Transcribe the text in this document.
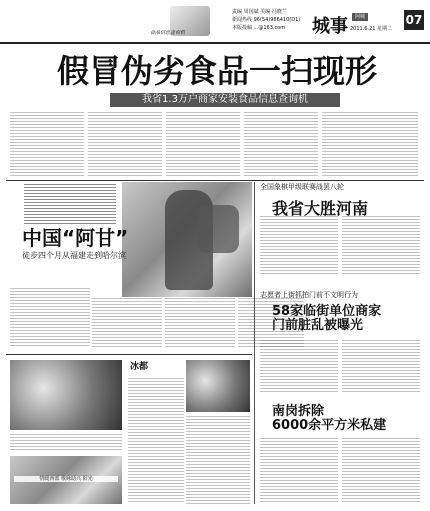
食品信息查询机
责编 周国斌 美编 冯晓兰
新闻热线 96(54)966410(D1)
本版投稿 ...@163.com	城事	阿城
2011.6.21 星期二
07
假冒伪劣食品一扫现形
我省1.3万户商家安装食品信息查询机
中国“阿甘”
徒步四个月从福建走到哈尔滨
全国象棋甲级联赛战罢八轮
我省大胜河南
志愿者上街抓拍门前不文明行为
58家临街单位商家
门前脏乱被曝光
南岗拆除
6000余平方米私建
情暖西部 歌咏助兴 阳光
冰都
